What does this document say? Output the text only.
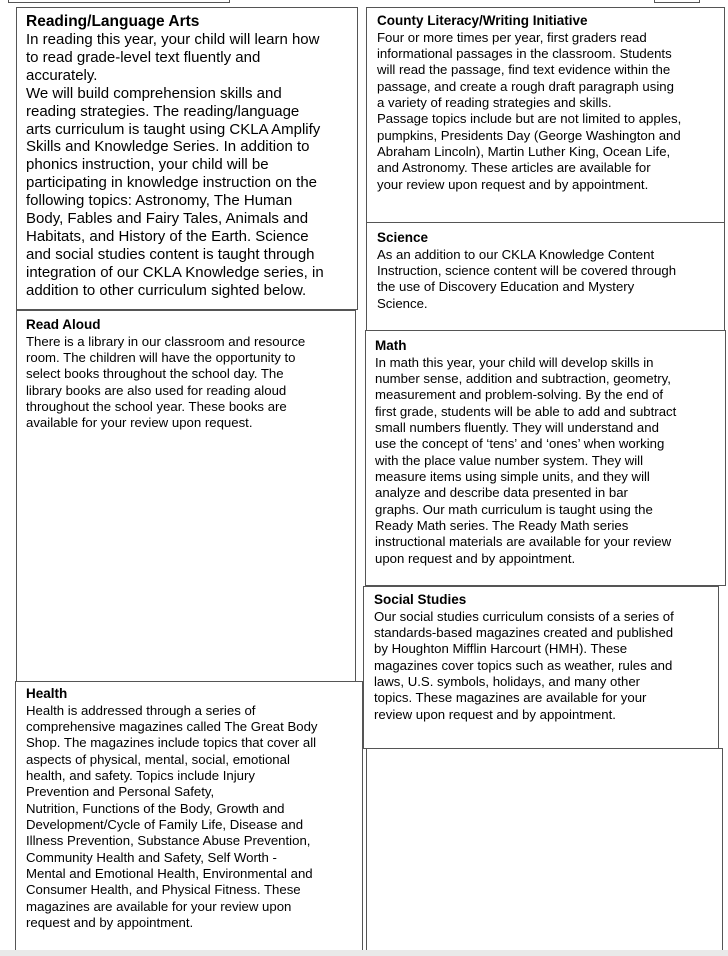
Reading/Language Arts

In reading this year, your child will learn how
to read grade-level text fluently and
accurately.
We will build comprehension skills and
reading strategies. The reading/language
arts curriculum is taught using CKLA Amplify
Skills and Knowledge Series. In addition to
phonics instruction, your child will be
participating in knowledge instruction on the
following topics: Astronomy, The Human
Body, Fables and Fairy Tales, Animals and
Habitats, and History of the Earth. Science
and social studies content is taught through
integration of our CKLA Knowledge series, in
addition to other curriculum sighted below.

Read Aloud

There is a library in our classroom and resource
room. The children will have the opportunity to
select books throughout the school day. The
library books are also used for reading aloud
throughout the school year. These books are
available for your review upon request.

Health

Health is addressed through a series of
comprehensive magazines called The Great Body
Shop. The magazines include topics that cover all
aspects of physical, mental, social, emotional
health, and safety. Topics include Injury
Prevention and Personal Safety,
Nutrition, Functions of the Body, Growth and
Development/Cycle of Family Life, Disease and
Illness Prevention, Substance Abuse Prevention,
Community Health and Safety, Self Worth -
Mental and Emotional Health, Environmental and
Consumer Health, and Physical Fitness. These
magazines are available for your review upon
request and by appointment.

County Literacy/Writing Initiative

Four or more times per year, first graders read
informational passages in the classroom. Students
will read the passage, find text evidence within the
passage, and create a rough draft paragraph using
a variety of reading strategies and skills.
Passage topics include but are not limited to apples,
pumpkins, Presidents Day (George Washington and
Abraham Lincoln), Martin Luther King, Ocean Life,
and Astronomy. These articles are available for
your review upon request and by appointment.

Science

As an addition to our CKLA Knowledge Content
Instruction, science content will be covered through
the use of Discovery Education and Mystery
Science.

Math

In math this year, your child will develop skills in
number sense, addition and subtraction, geometry,
measurement and problem-solving. By the end of
first grade, students will be able to add and subtract
small numbers fluently. They will understand and
use the concept of ‘tens’ and ‘ones’ when working
with the place value number system. They will
measure items using simple units, and they will
analyze and describe data presented in bar
graphs. Our math curriculum is taught using the
Ready Math series. The Ready Math series
instructional materials are available for your review
upon request and by appointment.

Social Studies

Our social studies curriculum consists of a series of
standards-based magazines created and published
by Houghton Mifflin Harcourt (HMH). These
magazines cover topics such as weather, rules and
laws, U.S. symbols, holidays, and many other
topics. These magazines are available for your
review upon request and by appointment.
